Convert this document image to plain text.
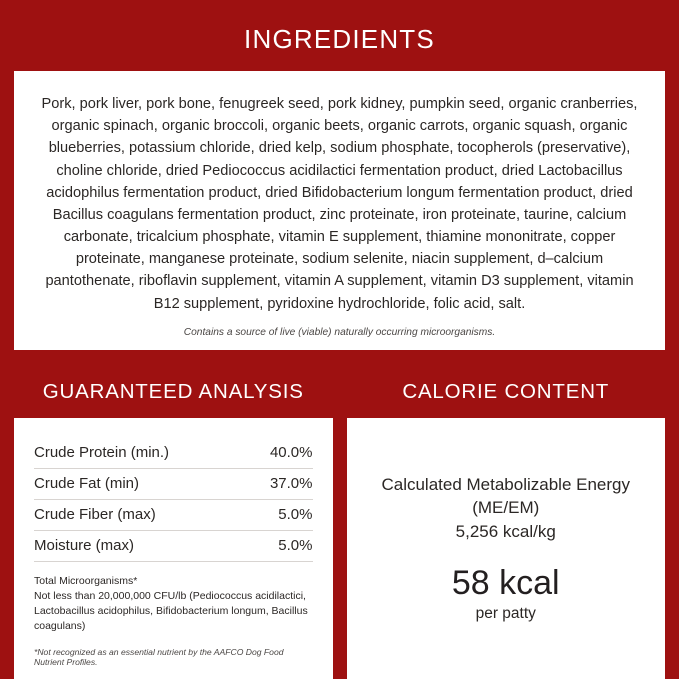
INGREDIENTS
Pork, pork liver, pork bone, fenugreek seed, pork kidney, pumpkin seed, organic cranberries, organic spinach, organic broccoli, organic beets, organic carrots, organic squash, organic blueberries, potassium chloride, dried kelp, sodium phosphate, tocopherols (preservative), choline chloride, dried Pediococcus acidilactici fermentation product, dried Lactobacillus acidophilus fermentation product, dried Bifidobacterium longum fermentation product, dried Bacillus coagulans fermentation product, zinc proteinate, iron proteinate, taurine, calcium carbonate, tricalcium phosphate, vitamin E supplement, thiamine mononitrate, copper proteinate, manganese proteinate, sodium selenite, niacin supplement, d–calcium pantothenate, riboflavin supplement, vitamin A supplement, vitamin D3 supplement, vitamin B12 supplement, pyridoxine hydrochloride, folic acid, salt.
Contains a source of live (viable) naturally occurring microorganisms.
GUARANTEED ANALYSIS
Crude Protein (min.)	40.0%
Crude Fat (min)	37.0%
Crude Fiber (max)	5.0%
Moisture (max)	5.0%
Total Microorganisms*
Not less than 20,000,000 CFU/lb (Pediococcus acidilactici, Lactobacillus acidophilus, Bifidobacterium longum, Bacillus coagulans)
*Not recognized as an essential nutrient by the AAFCO Dog Food Nutrient Profiles.
CALORIE CONTENT
Calculated Metabolizable Energy (ME/EM)
5,256 kcal/kg
58 kcal
per patty
